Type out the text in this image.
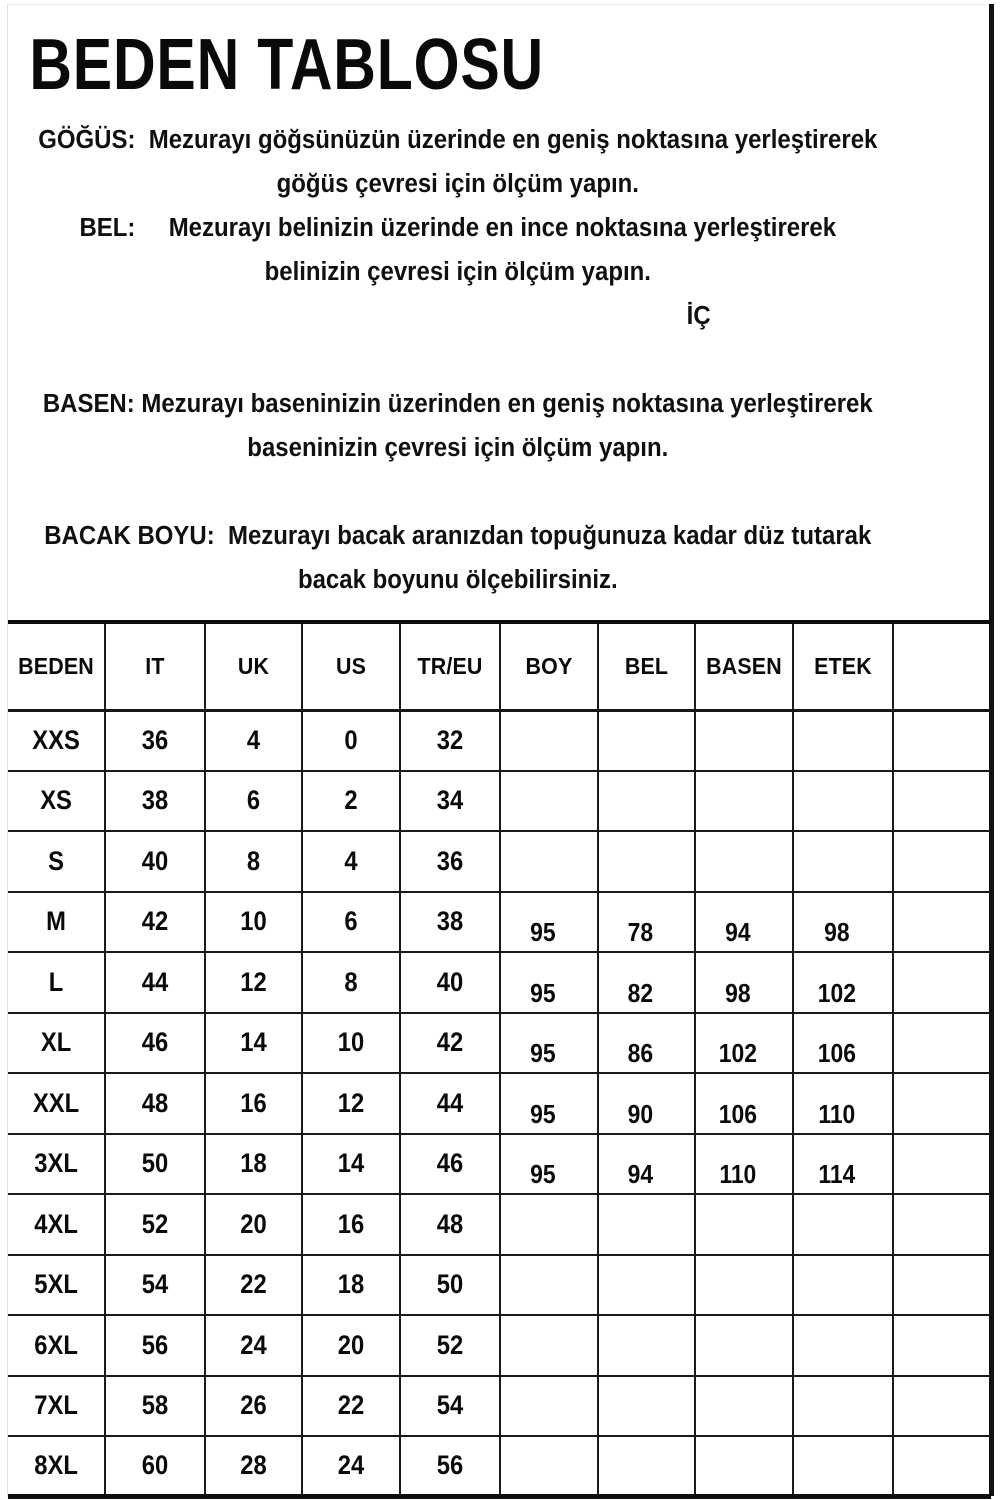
BEDEN TABLOSU

GÖĞÜS:  Mezurayı göğsünüzün üzerinde en geniş noktasına yerleştirerek göğüs çevresi için ölçüm yapın.

BEL:     Mezurayı belinizin üzerinde en ince noktasına yerleştirerek belinizin çevresi için ölçüm yapın.

BASEN: Mezurayı baseninizin üzerinden en geniş noktasına yerleştirerek baseninizin çevresi için ölçüm yapın.

İÇ

BACAK BOYU:  Mezurayı bacak aranızdan topuğunuza kadar düz tutarak bacak boyunu ölçebilirsiniz.

BEDEN	IT	UK	US	TR/EU	BOY	BEL	BASEN	ETEK	
XXS	36	4	0	32					
XS	38	6	2	34					
S	40	8	4	36					
M	42	10	6	38	95	78	94	98	
L	44	12	8	40	95	82	98	102	
XL	46	14	10	42	95	86	102	106	
XXL	48	16	12	44	95	90	106	110	
3XL	50	18	14	46	95	94	110	114	
4XL	52	20	16	48					
5XL	54	22	18	50					
6XL	56	24	20	52					
7XL	58	26	22	54					
8XL	60	28	24	56					
